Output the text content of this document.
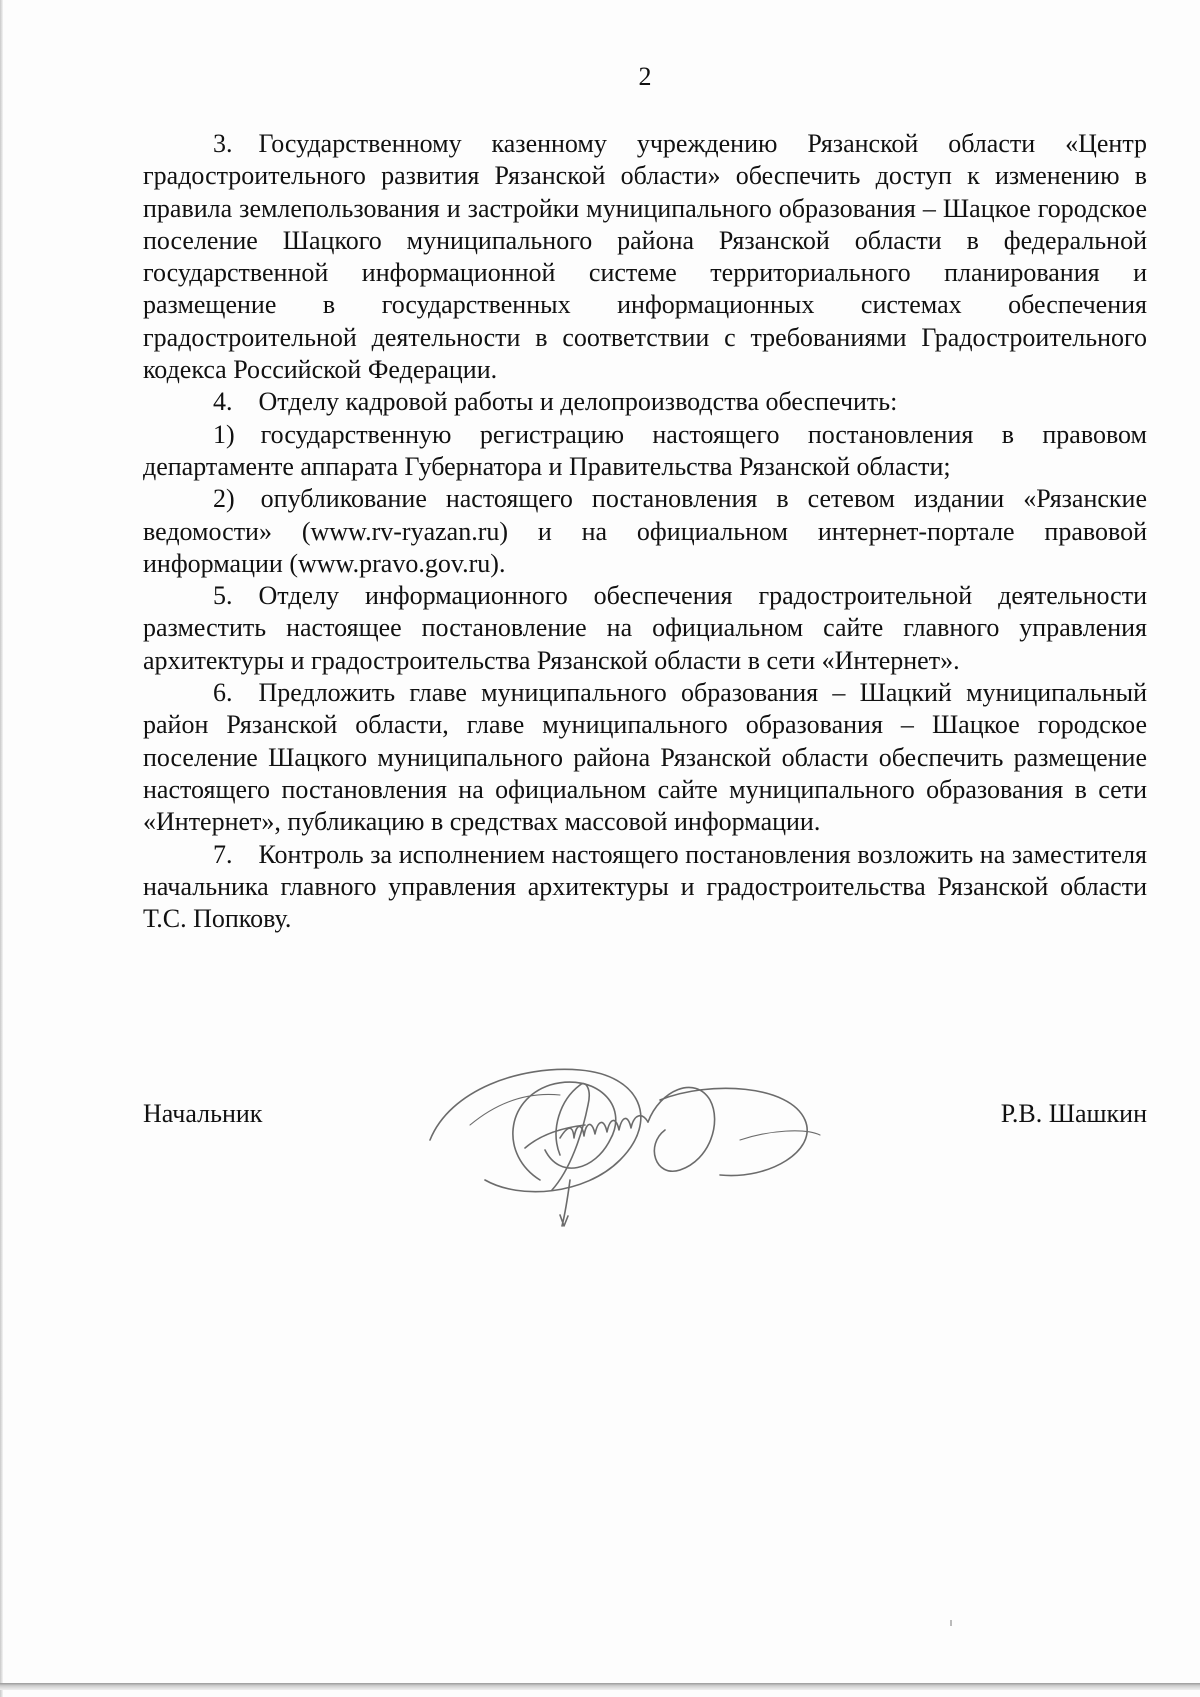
2

3. Государственному казенному учреждению Рязанской области «Центр градостроительного развития Рязанской области» обеспечить доступ к изменению в правила землепользования и застройки муниципального образования – Шацкое городское поселение Шацкого муниципального района Рязанской области в федеральной государственной информационной системе территориального планирования и размещение в государственных информационных системах обеспечения градостроительной деятельности в соответствии с требованиями Градостроительного кодекса Российской Федерации.

4. Отделу кадровой работы и делопроизводства обеспечить:

1) государственную регистрацию настоящего постановления в правовом департаменте аппарата Губернатора и Правительства Рязанской области;

2) опубликование настоящего постановления в сетевом издании «Рязанские ведомости» (www.rv-ryazan.ru) и на официальном интернет-портале правовой информации (www.pravo.gov.ru).

5. Отделу информационного обеспечения градостроительной деятельности разместить настоящее постановление на официальном сайте главного управления архитектуры и градостроительства Рязанской области в сети «Интернет».

6. Предложить главе муниципального образования – Шацкий муниципальный район Рязанской области, главе муниципального образования – Шацкое городское поселение Шацкого муниципального района Рязанской области обеспечить размещение настоящего постановления на официальном сайте муниципального образования в сети «Интернет», публикацию в средствах массовой информации.

7. Контроль за исполнением настоящего постановления возложить на заместителя начальника главного управления архитектуры и градостроительства Рязанской области Т.С. Попкову.

Начальник	Р.В. Шашкин
